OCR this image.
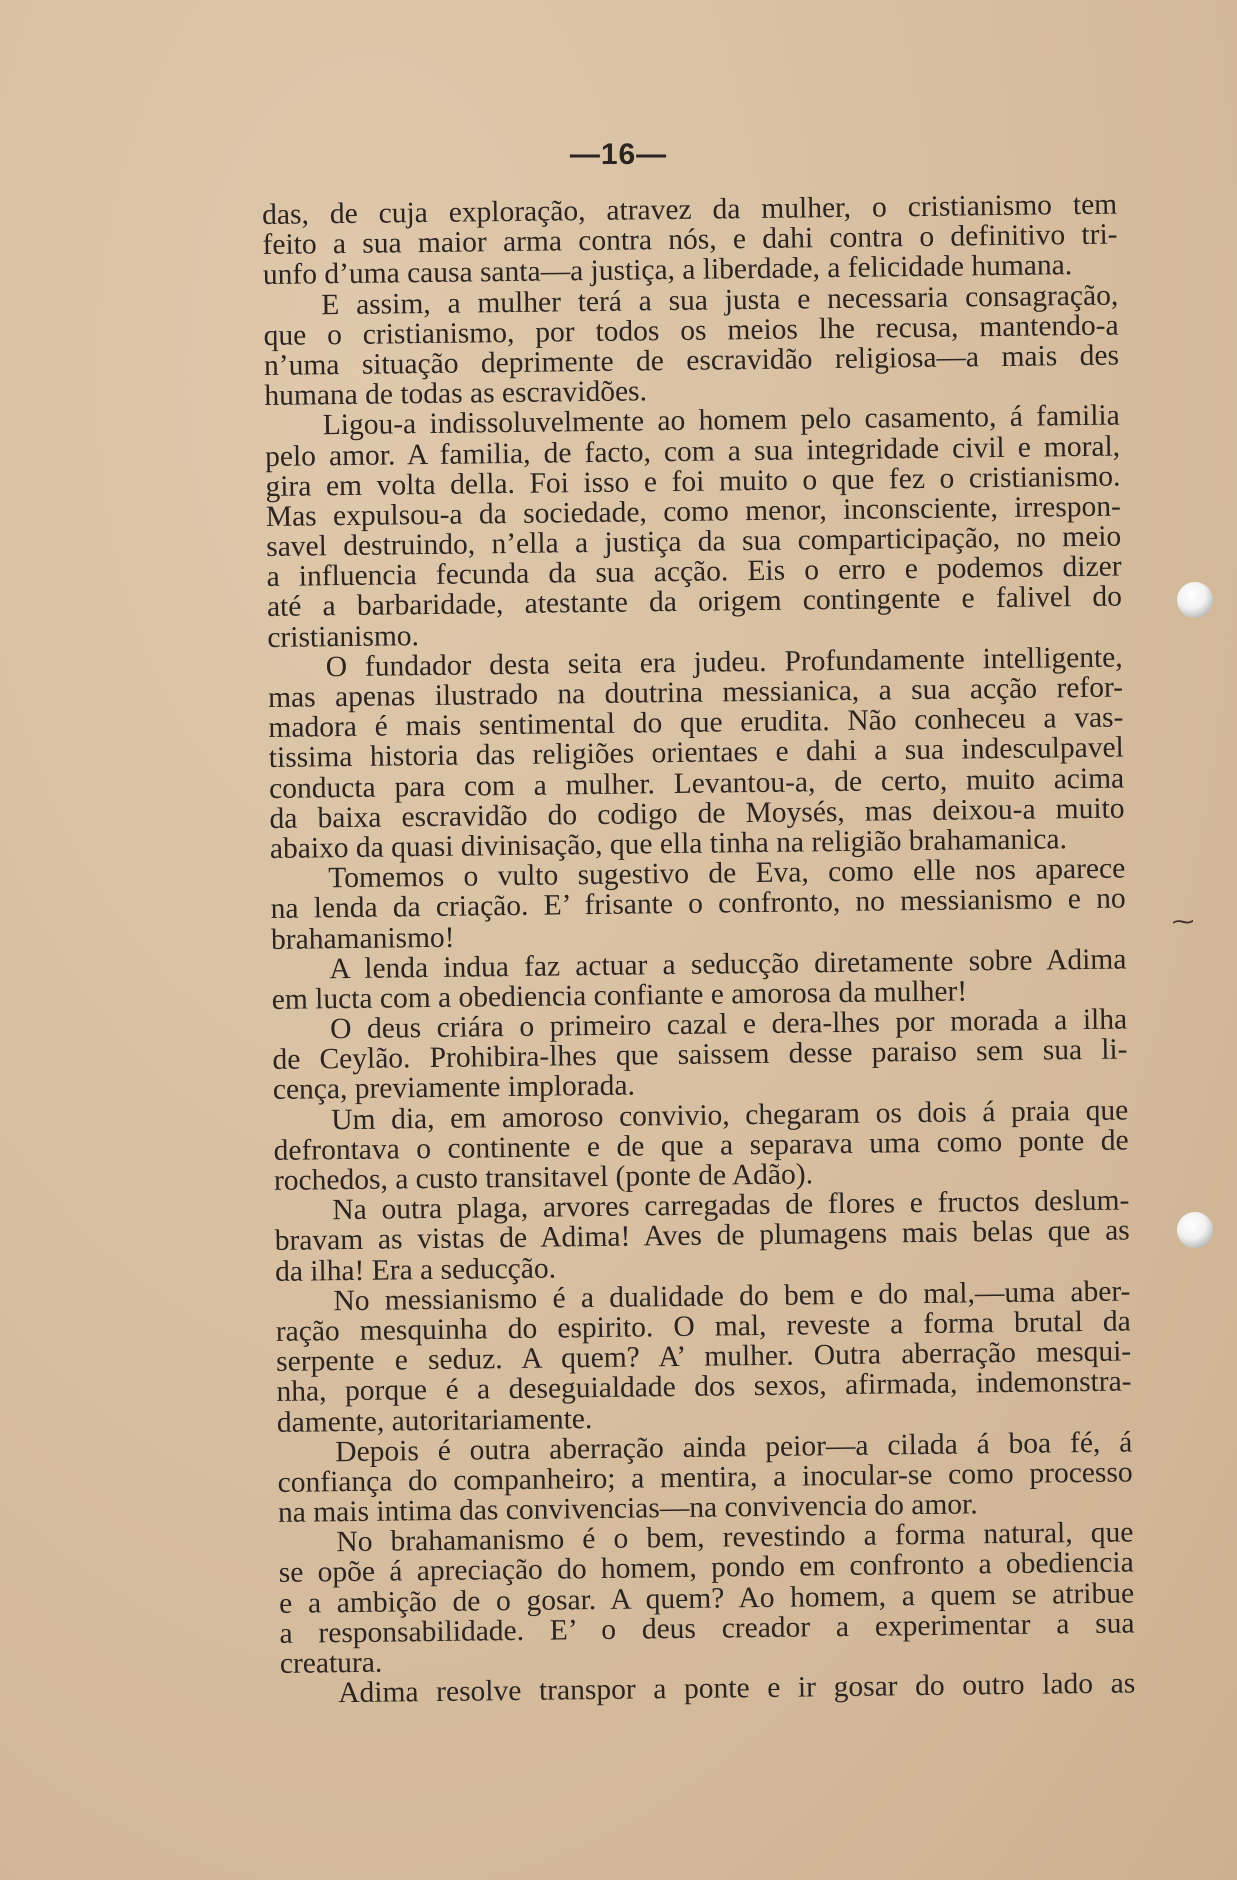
—16—
das, de cuja exploração, atravez da mulher, o cristianismo tem
feito a sua maior arma contra nós, e dahi contra o definitivo tri-
unfo d’uma causa santa—a justiça, a liberdade, a felicidade humana.
E assim, a mulher terá a sua justa e necessaria consagração,
que o cristianismo, por todos os meios lhe recusa, mantendo-a
n’uma situação deprimente de escravidão religiosa—a mais des
humana de todas as escravidões.
Ligou-a indissoluvelmente ao homem pelo casamento, á familia
pelo amor. A familia, de facto, com a sua integridade civil e moral,
gira em volta della. Foi isso e foi muito o que fez o cristianismo.
Mas expulsou-a da sociedade, como menor, inconsciente, irrespon-
savel destruindo, n’ella a justiça da sua comparticipação, no meio
a influencia fecunda da sua acção. Eis o erro e podemos dizer
até a barbaridade, atestante da origem contingente e falivel do
cristianismo.
O fundador desta seita era judeu. Profundamente intelligente,
mas apenas ilustrado na doutrina messianica, a sua acção refor-
madora é mais sentimental do que erudita. Não conheceu a vas-
tissima historia das religiões orientaes e dahi a sua indesculpavel
conducta para com a mulher. Levantou-a, de certo, muito acima
da baixa escravidão do codigo de Moysés, mas deixou-a muito
abaixo da quasi divinisação, que ella tinha na religião brahamanica.
Tomemos o vulto sugestivo de Eva, como elle nos aparece
na lenda da criação. E’ frisante o confronto, no messianismo e no
brahamanismo!
A lenda indua faz actuar a seducção diretamente sobre Adima
em lucta com a obediencia confiante e amorosa da mulher!
O deus criára o primeiro cazal e dera-lhes por morada a ilha
de Ceylão. Prohibira-lhes que saissem desse paraiso sem sua li-
cença, previamente implorada.
Um dia, em amoroso convivio, chegaram os dois á praia que
defrontava o continente e de que a separava uma como ponte de
rochedos, a custo transitavel (ponte de Adão).
Na outra plaga, arvores carregadas de flores e fructos deslum-
bravam as vistas de Adima! Aves de plumagens mais belas que as
da ilha! Era a seducção.
No messianismo é a dualidade do bem e do mal,—uma aber-
ração mesquinha do espirito. O mal, reveste a forma brutal da
serpente e seduz. A quem? A’ mulher. Outra aberração mesqui-
nha, porque é a deseguialdade dos sexos, afirmada, indemonstra-
damente, autoritariamente.
Depois é outra aberração ainda peior—a cilada á boa fé, á
confiança do companheiro; a mentira, a inocular-se como processo
na mais intima das convivencias—na convivencia do amor.
No brahamanismo é o bem, revestindo a forma natural, que
se opõe á apreciação do homem, pondo em confronto a obediencia
e a ambição de o gosar. A quem? Ao homem, a quem se atribue
a responsabilidade. E’ o deus creador a experimentar a sua
creatura.
Adima resolve transpor a ponte e ir gosar do outro lado as
⁓
